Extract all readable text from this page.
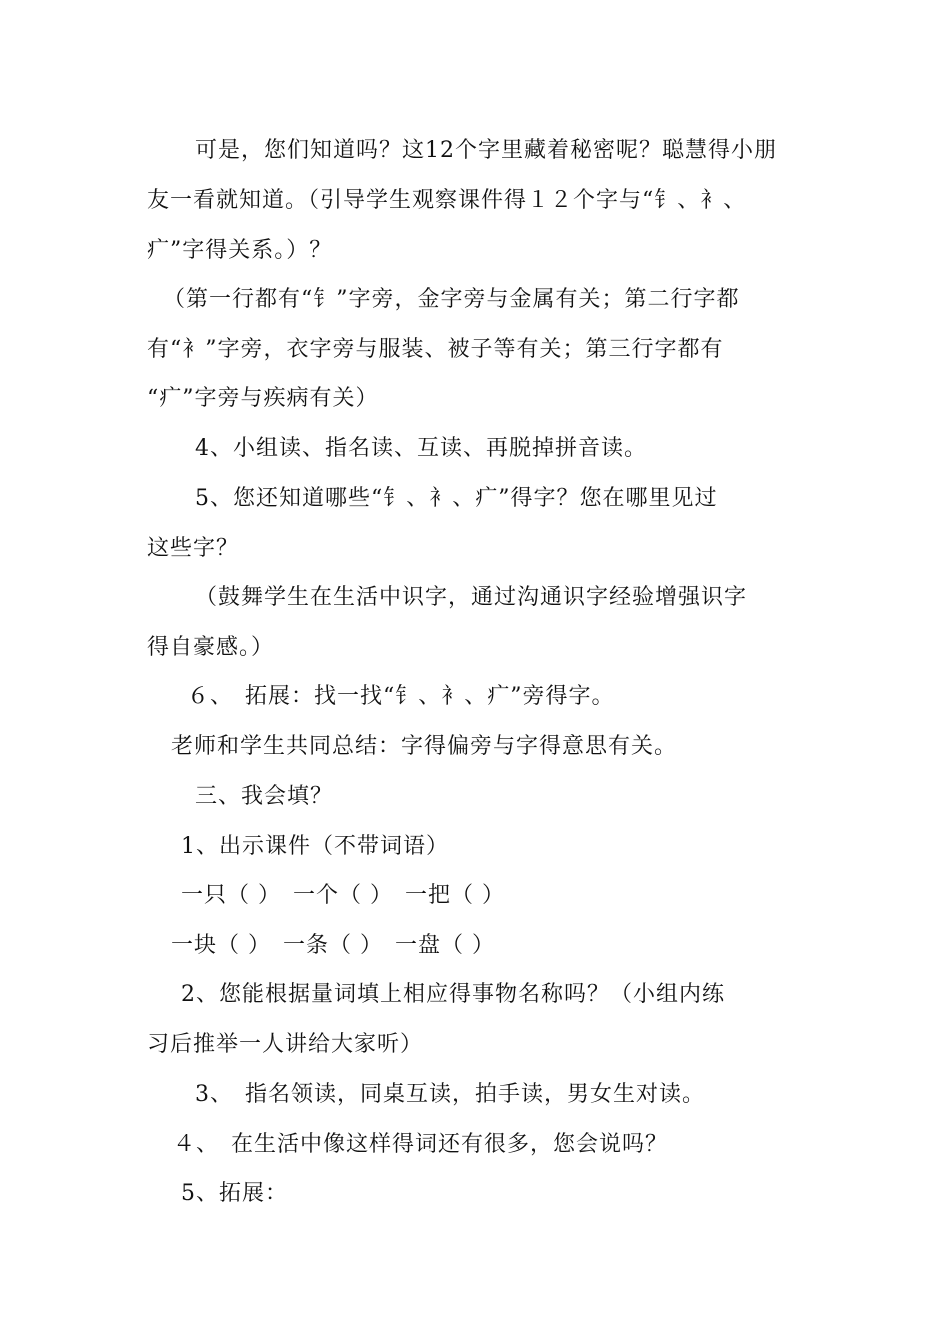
可是，您们知道吗？这12个字里藏着秘密呢？聪慧得小朋
友一看就知道。（引导学生观察课件得１２个字与“钅、衤、
疒”字得关系。）？
（第一行都有“钅”字旁，金字旁与金属有关；第二行字都
有“衤”字旁，衣字旁与服装、被子等有关；第三行字都有
“疒”字旁与疾病有关）
4、小组读、指名读、互读、再脱掉拼音读。
5、您还知道哪些“钅、衤、疒”得字？您在哪里见过
这些字？
（鼓舞学生在生活中识字，通过沟通识字经验增强识字
得自豪感。）
６、　拓展：找一找“钅、衤、疒”旁得字。
老师和学生共同总结：字得偏旁与字得意思有关。
三、我会填？
1、出示课件（不带词语）
一只（ ）　一个（ ）　一把（ ）
一块（ ）　一条（ ）　一盘（ ）
2、您能根据量词填上相应得事物名称吗？（小组内练
习后推举一人讲给大家听）
3、　指名领读，同桌互读，拍手读，男女生对读。
４、　在生活中像这样得词还有很多，您会说吗？
5、拓展：
